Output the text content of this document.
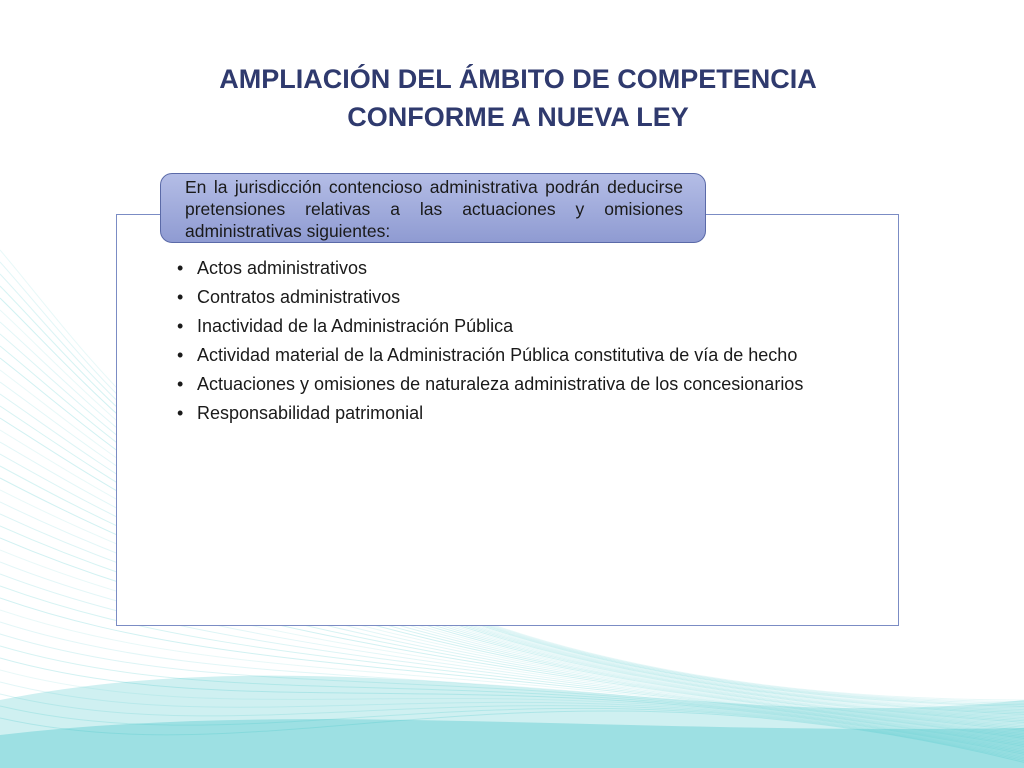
AMPLIACIÓN DEL ÁMBITO DE COMPETENCIA
CONFORME A NUEVA LEY
En la jurisdicción contencioso administrativa podrán deducirse pretensiones relativas a las actuaciones y omisiones administrativas siguientes:
• Actos administrativos
• Contratos administrativos
• Inactividad de la Administración Pública
• Actividad material de la Administración Pública constitutiva de vía de hecho
• Actuaciones y omisiones de naturaleza administrativa de los concesionarios
• Responsabilidad patrimonial
